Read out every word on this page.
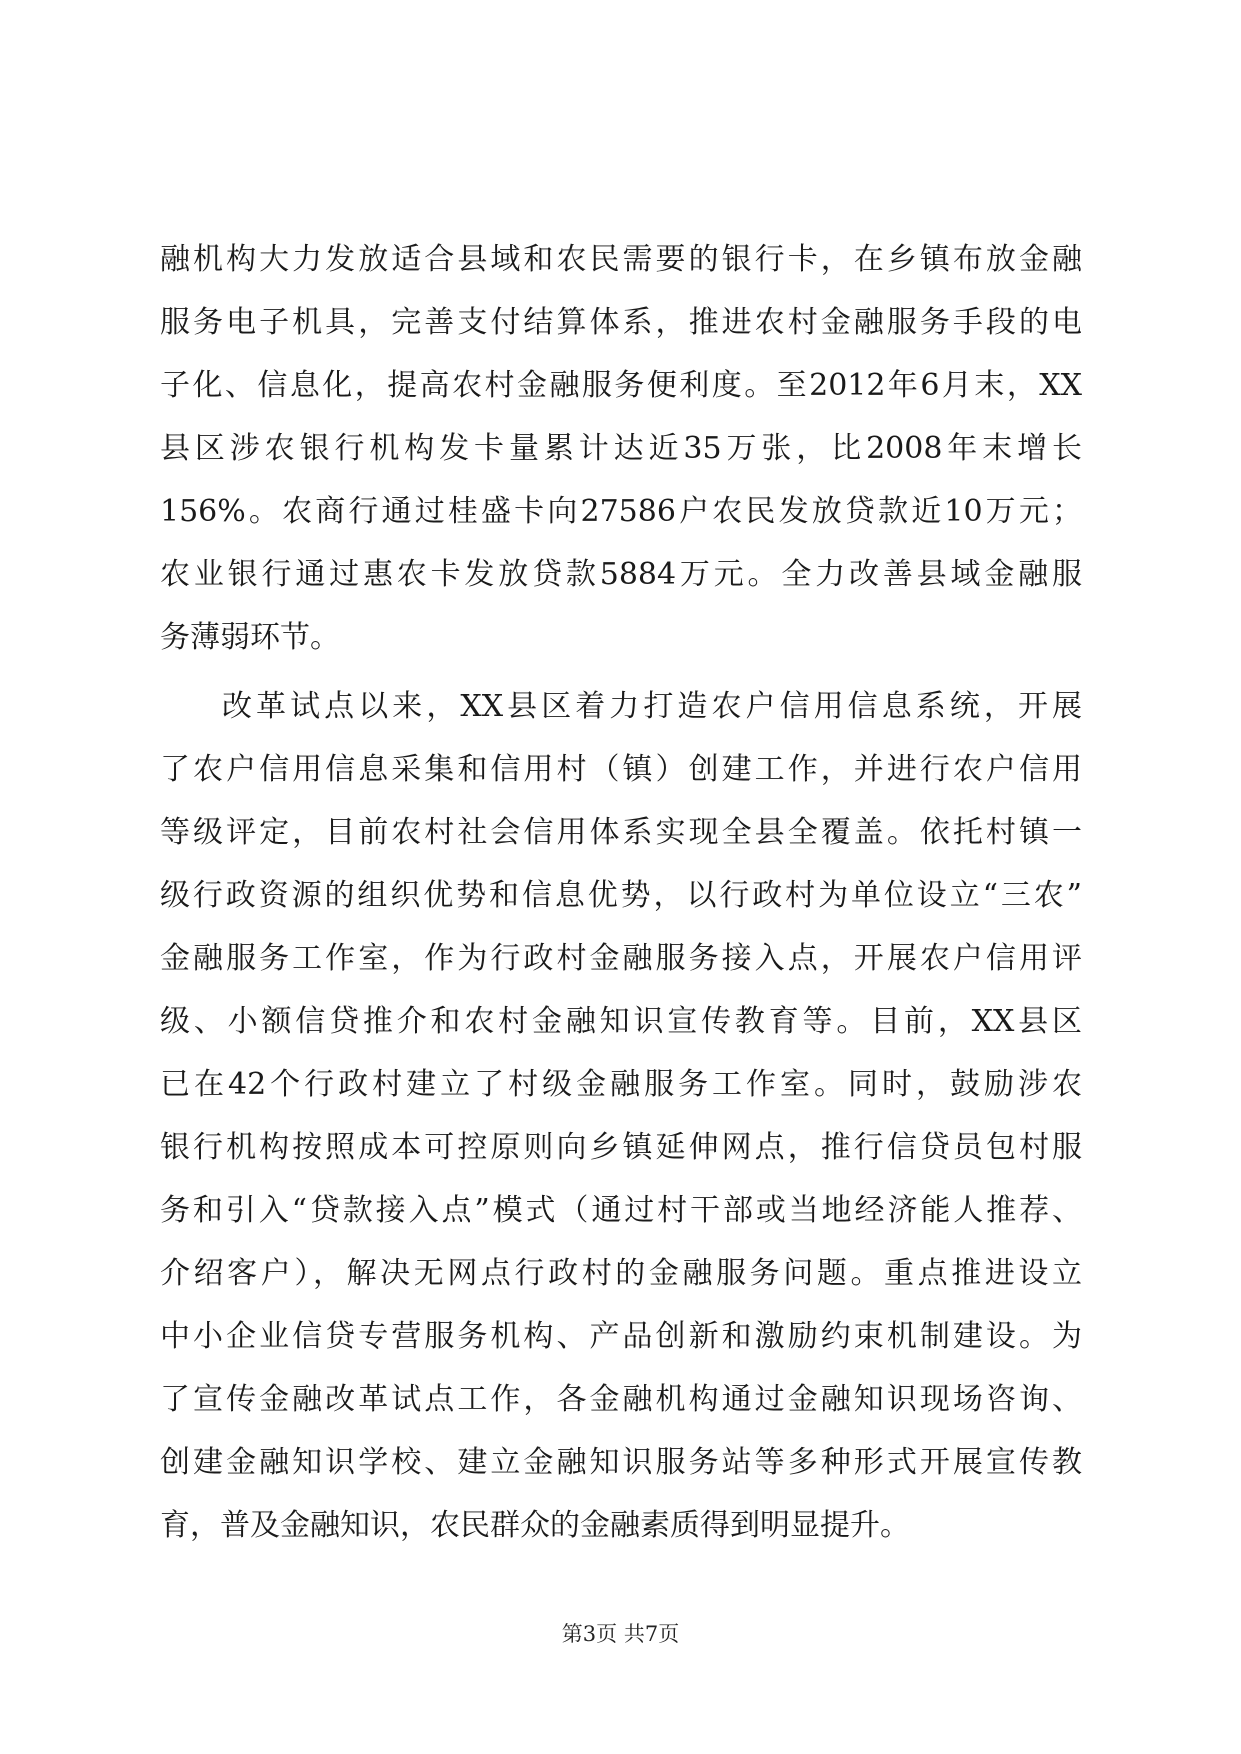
融机构大力发放适合县域和农民需要的银行卡，在乡镇布放金融
服务电子机具，完善支付结算体系，推进农村金融服务手段的电
子化、信息化，提高农村金融服务便利度。至2012年6月末，XX
县区涉农银行机构发卡量累计达近35万张，比2008年末增长
156%。农商行通过桂盛卡向27586户农民发放贷款近10万元；
农业银行通过惠农卡发放贷款5884万元。全力改善县域金融服
务薄弱环节。
改革试点以来，XX县区着力打造农户信用信息系统，开展
了农户信用信息采集和信用村（镇）创建工作，并进行农户信用
等级评定，目前农村社会信用体系实现全县全覆盖。依托村镇一
级行政资源的组织优势和信息优势，以行政村为单位设立“三农”
金融服务工作室，作为行政村金融服务接入点，开展农户信用评
级、小额信贷推介和农村金融知识宣传教育等。目前，XX县区
已在42个行政村建立了村级金融服务工作室。同时，鼓励涉农
银行机构按照成本可控原则向乡镇延伸网点，推行信贷员包村服
务和引入“贷款接入点”模式（通过村干部或当地经济能人推荐、
介绍客户），解决无网点行政村的金融服务问题。重点推进设立
中小企业信贷专营服务机构、产品创新和激励约束机制建设。为
了宣传金融改革试点工作，各金融机构通过金融知识现场咨询、
创建金融知识学校、建立金融知识服务站等多种形式开展宣传教
育，普及金融知识，农民群众的金融素质得到明显提升。
第3页 共7页
